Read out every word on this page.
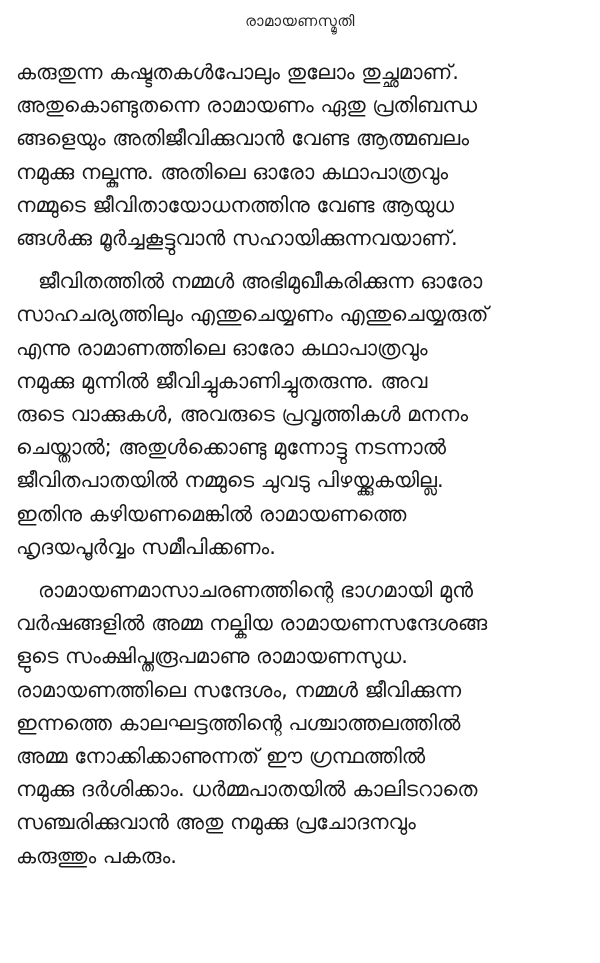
രാമായണസ്മൃതി

കരുതുന്ന കഷ്ടതകൾപോലും തുലോം തുച്ഛമാണ്.
അതുകൊണ്ടുതന്നെ രാമായണം ഏതു പ്രതിബന്ധ
ങ്ങളെയും അതിജീവിക്കുവാൻ വേണ്ട ആത്മബലം
നമുക്കു നല്കുന്നു. അതിലെ ഓരോ കഥാപാത്രവും
നമ്മുടെ ജീവിതായോധനത്തിനു വേണ്ട ആയുധ
ങ്ങൾക്കു മൂർച്ചകൂട്ടുവാൻ സഹായിക്കുന്നവയാണ്.

ജീവിതത്തിൽ നമ്മൾ അഭിമുഖീകരിക്കുന്ന ഓരോ
സാഹചര്യത്തിലും എന്തുചെയ്യണം എന്തുചെയ്യരുത്
എന്നു രാമാണത്തിലെ ഓരോ കഥാപാത്രവും
നമുക്കു മുന്നിൽ ജീവിച്ചുകാണിച്ചുതരുന്നു. അവ
രുടെ വാക്കുകൾ, അവരുടെ പ്രവൃത്തികൾ മനനം
ചെയ്താൽ; അതുൾക്കൊണ്ടു മുന്നോട്ടു നടന്നാൽ
ജീവിതപാതയിൽ നമ്മുടെ ചുവടു പിഴയ്ക്കുകയില്ല.
ഇതിനു കഴിയണമെങ്കിൽ രാമായണത്തെ
ഹൃദയപൂർവ്വം സമീപിക്കണം.

രാമായണമാസാചരണത്തിന്റെ ഭാഗമായി മുൻ
വർഷങ്ങളിൽ അമ്മ നല്കിയ രാമായണസന്ദേശങ്ങ
ളുടെ സംക്ഷിപ്തരൂപമാണു രാമായണസുധ.
രാമായണത്തിലെ സന്ദേശം, നമ്മൾ ജീവിക്കുന്ന
ഇന്നത്തെ കാലഘട്ടത്തിന്റെ പശ്ചാത്തലത്തിൽ
അമ്മ നോക്കിക്കാണുന്നത് ഈ ഗ്രന്ഥത്തിൽ
നമുക്കു ദർശിക്കാം. ധർമ്മപാതയിൽ കാലിടറാതെ
സഞ്ചരിക്കുവാൻ അതു നമുക്കു പ്രചോദനവും
കരുത്തും പകരും.
